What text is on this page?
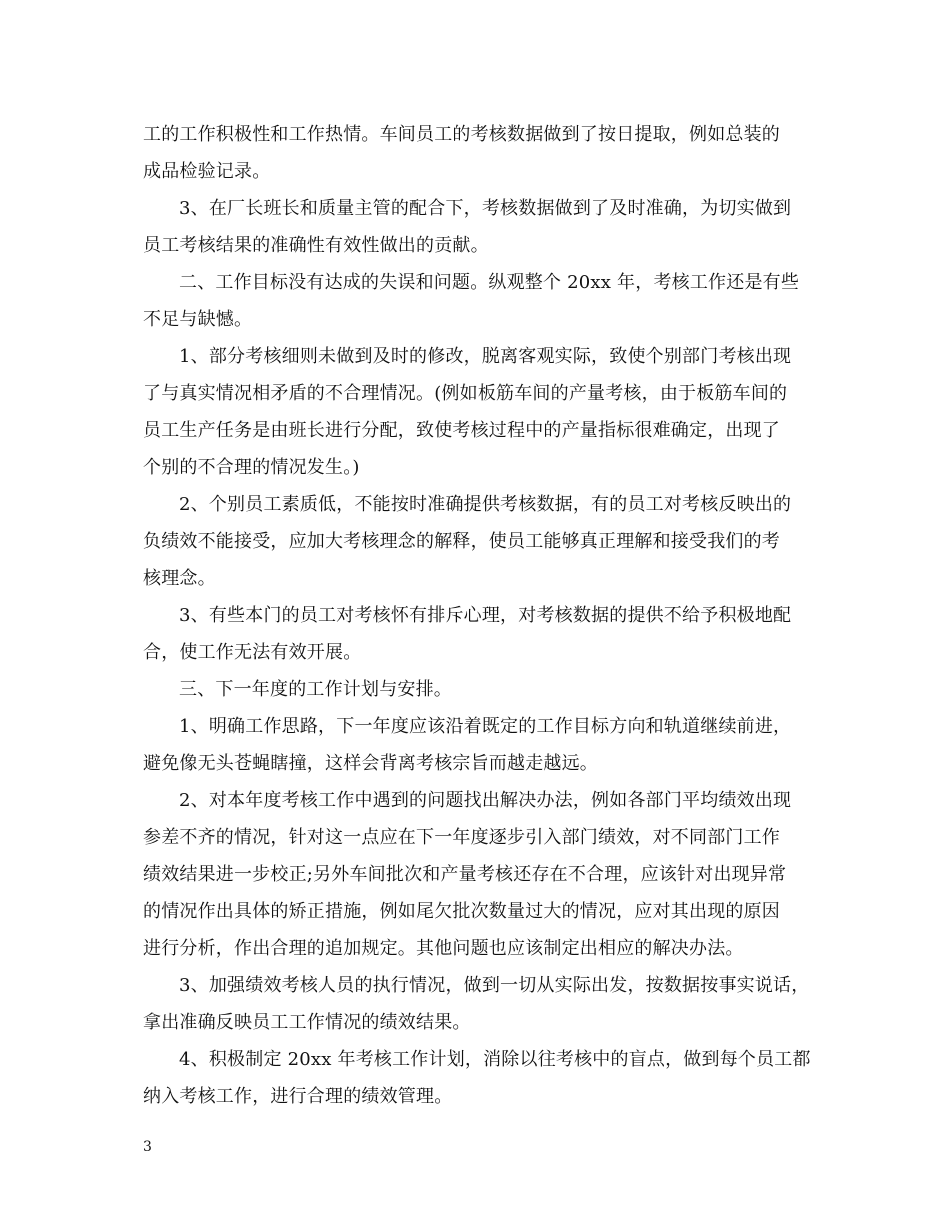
工的工作积极性和工作热情。车间员工的考核数据做到了按日提取，例如总装的
成品检验记录。
3、在厂长班长和质量主管的配合下，考核数据做到了及时准确，为切实做到
员工考核结果的准确性有效性做出的贡献。
二、工作目标没有达成的失误和问题。纵观整个 20xx 年，考核工作还是有些
不足与缺憾。
1、部分考核细则未做到及时的修改，脱离客观实际，致使个别部门考核出现
了与真实情况相矛盾的不合理情况。(例如板筋车间的产量考核，由于板筋车间的
员工生产任务是由班长进行分配，致使考核过程中的产量指标很难确定，出现了
个别的不合理的情况发生。)
2、个别员工素质低，不能按时准确提供考核数据，有的员工对考核反映出的
负绩效不能接受，应加大考核理念的解释，使员工能够真正理解和接受我们的考
核理念。
3、有些本门的员工对考核怀有排斥心理，对考核数据的提供不给予积极地配
合，使工作无法有效开展。
三、下一年度的工作计划与安排。
1、明确工作思路，下一年度应该沿着既定的工作目标方向和轨道继续前进，
避免像无头苍蝇瞎撞，这样会背离考核宗旨而越走越远。
2、对本年度考核工作中遇到的问题找出解决办法，例如各部门平均绩效出现
参差不齐的情况，针对这一点应在下一年度逐步引入部门绩效，对不同部门工作
绩效结果进一步校正;另外车间批次和产量考核还存在不合理，应该针对出现异常
的情况作出具体的矫正措施，例如尾欠批次数量过大的情况，应对其出现的原因
进行分析，作出合理的追加规定。其他问题也应该制定出相应的解决办法。
3、加强绩效考核人员的执行情况，做到一切从实际出发，按数据按事实说话，
拿出准确反映员工工作情况的绩效结果。
4、积极制定 20xx 年考核工作计划，消除以往考核中的盲点，做到每个员工都
纳入考核工作，进行合理的绩效管理。
3
